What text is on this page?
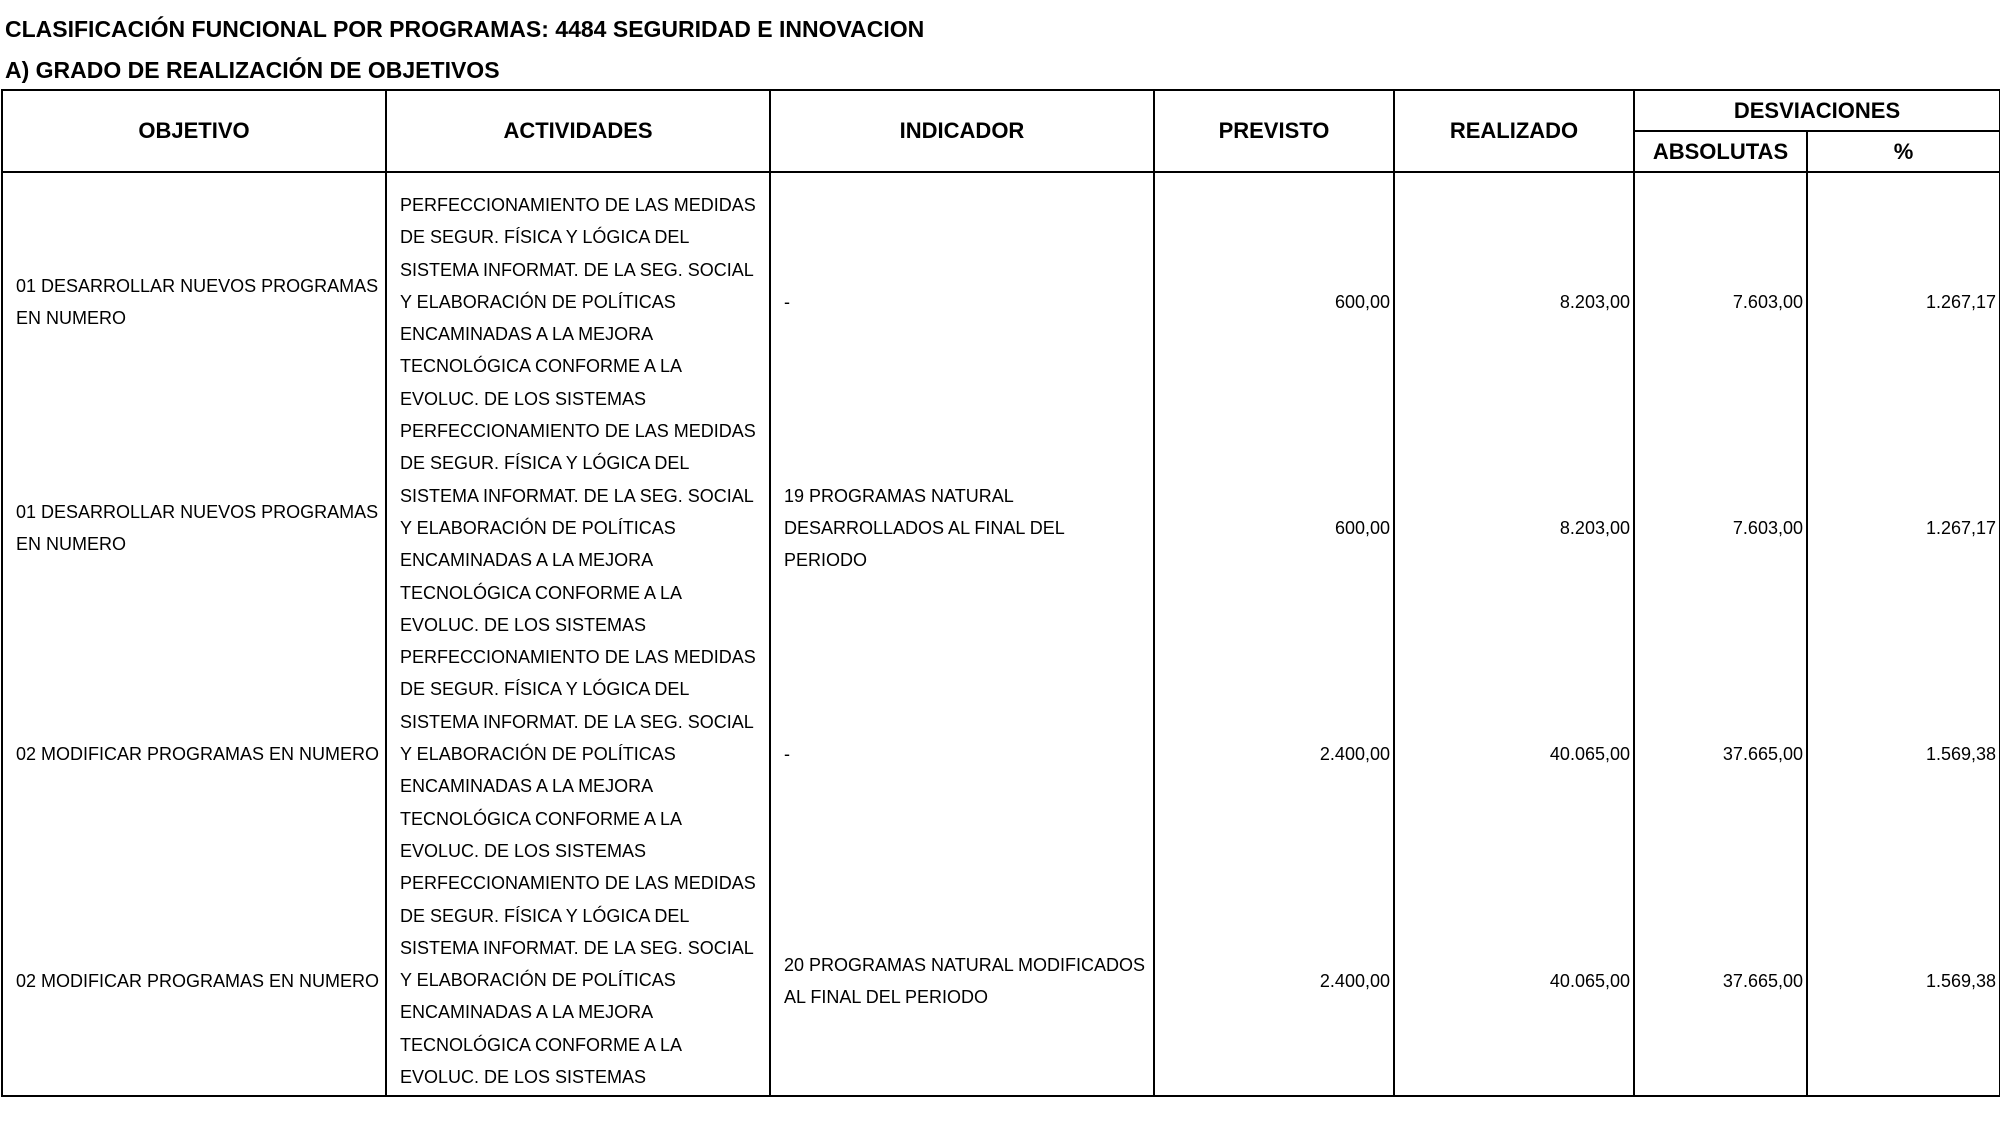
CLASIFICACIÓN FUNCIONAL POR PROGRAMAS: 4484 SEGURIDAD E INNOVACION
A) GRADO DE REALIZACIÓN DE OBJETIVOS
OBJETIVO	ACTIVIDADES	INDICADOR	PREVISTO	REALIZADO	DESVIACIONES	
					ABSOLUTAS	%
01 DESARROLLAR NUEVOS PROGRAMAS EN NUMERO	PERFECCIONAMIENTO DE LAS MEDIDAS DE SEGUR. FÍSICA Y LÓGICA DEL SISTEMA INFORMAT. DE LA SEG. SOCIAL Y ELABORACIÓN DE POLÍTICAS ENCAMINADAS A LA MEJORA TECNOLÓGICA CONFORME A LA EVOLUC. DE LOS SISTEMAS	-	600,00	8.203,00	7.603,00	1.267,17
01 DESARROLLAR NUEVOS PROGRAMAS EN NUMERO	PERFECCIONAMIENTO DE LAS MEDIDAS DE SEGUR. FÍSICA Y LÓGICA DEL SISTEMA INFORMAT. DE LA SEG. SOCIAL Y ELABORACIÓN DE POLÍTICAS ENCAMINADAS A LA MEJORA TECNOLÓGICA CONFORME A LA EVOLUC. DE LOS SISTEMAS	19 PROGRAMAS NATURAL DESARROLLADOS AL FINAL DEL PERIODO	600,00	8.203,00	7.603,00	1.267,17
02 MODIFICAR PROGRAMAS EN NUMERO	PERFECCIONAMIENTO DE LAS MEDIDAS DE SEGUR. FÍSICA Y LÓGICA DEL SISTEMA INFORMAT. DE LA SEG. SOCIAL Y ELABORACIÓN DE POLÍTICAS ENCAMINADAS A LA MEJORA TECNOLÓGICA CONFORME A LA EVOLUC. DE LOS SISTEMAS	-	2.400,00	40.065,00	37.665,00	1.569,38
02 MODIFICAR PROGRAMAS EN NUMERO	PERFECCIONAMIENTO DE LAS MEDIDAS DE SEGUR. FÍSICA Y LÓGICA DEL SISTEMA INFORMAT. DE LA SEG. SOCIAL Y ELABORACIÓN DE POLÍTICAS ENCAMINADAS A LA MEJORA TECNOLÓGICA CONFORME A LA EVOLUC. DE LOS SISTEMAS	20 PROGRAMAS NATURAL MODIFICADOS AL FINAL DEL PERIODO	2.400,00	40.065,00	37.665,00	1.569,38
